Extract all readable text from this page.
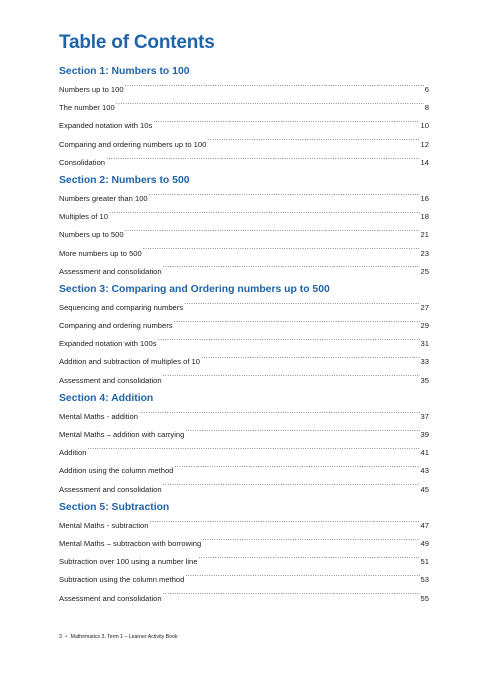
Table of Contents
Section 1: Numbers to 100
Numbers up to 100 .....	6
The number 100 .....	8
Expanded notation with 10s .....	10
Comparing and ordering numbers up to 100 .....	12
Consolidation .....	14
Section 2: Numbers to 500
Numbers greater than 100 .....	16
Multiples of 10 .....	18
Numbers up to 500 .....	21
More numbers up to 500 .....	23
Assessment and consolidation .....	25
Section 3: Comparing and Ordering numbers up to 500
Sequencing and comparing numbers .....	27
Comparing and ordering numbers .....	29
Expanded notation with 100s .....	31
Addition and subtraction of multiples of 10 .....	33
Assessment and consolidation .....	35
Section 4: Addition
Mental Maths - addition .....	37
Mental Maths – addition with carrying .....	39
Addition .....	41
Addition using the column method .....	43
Assessment and consolidation .....	45
Section 5: Subtraction
Mental Maths - subtraction .....	47
Mental Maths – subtraction with borrowing .....	49
Subtraction over 100 using a number line .....	51
Subtraction using the column method .....	53
Assessment and consolidation .....	55
3 • Mathematics 3, Term 1 – Learner Activity Book
